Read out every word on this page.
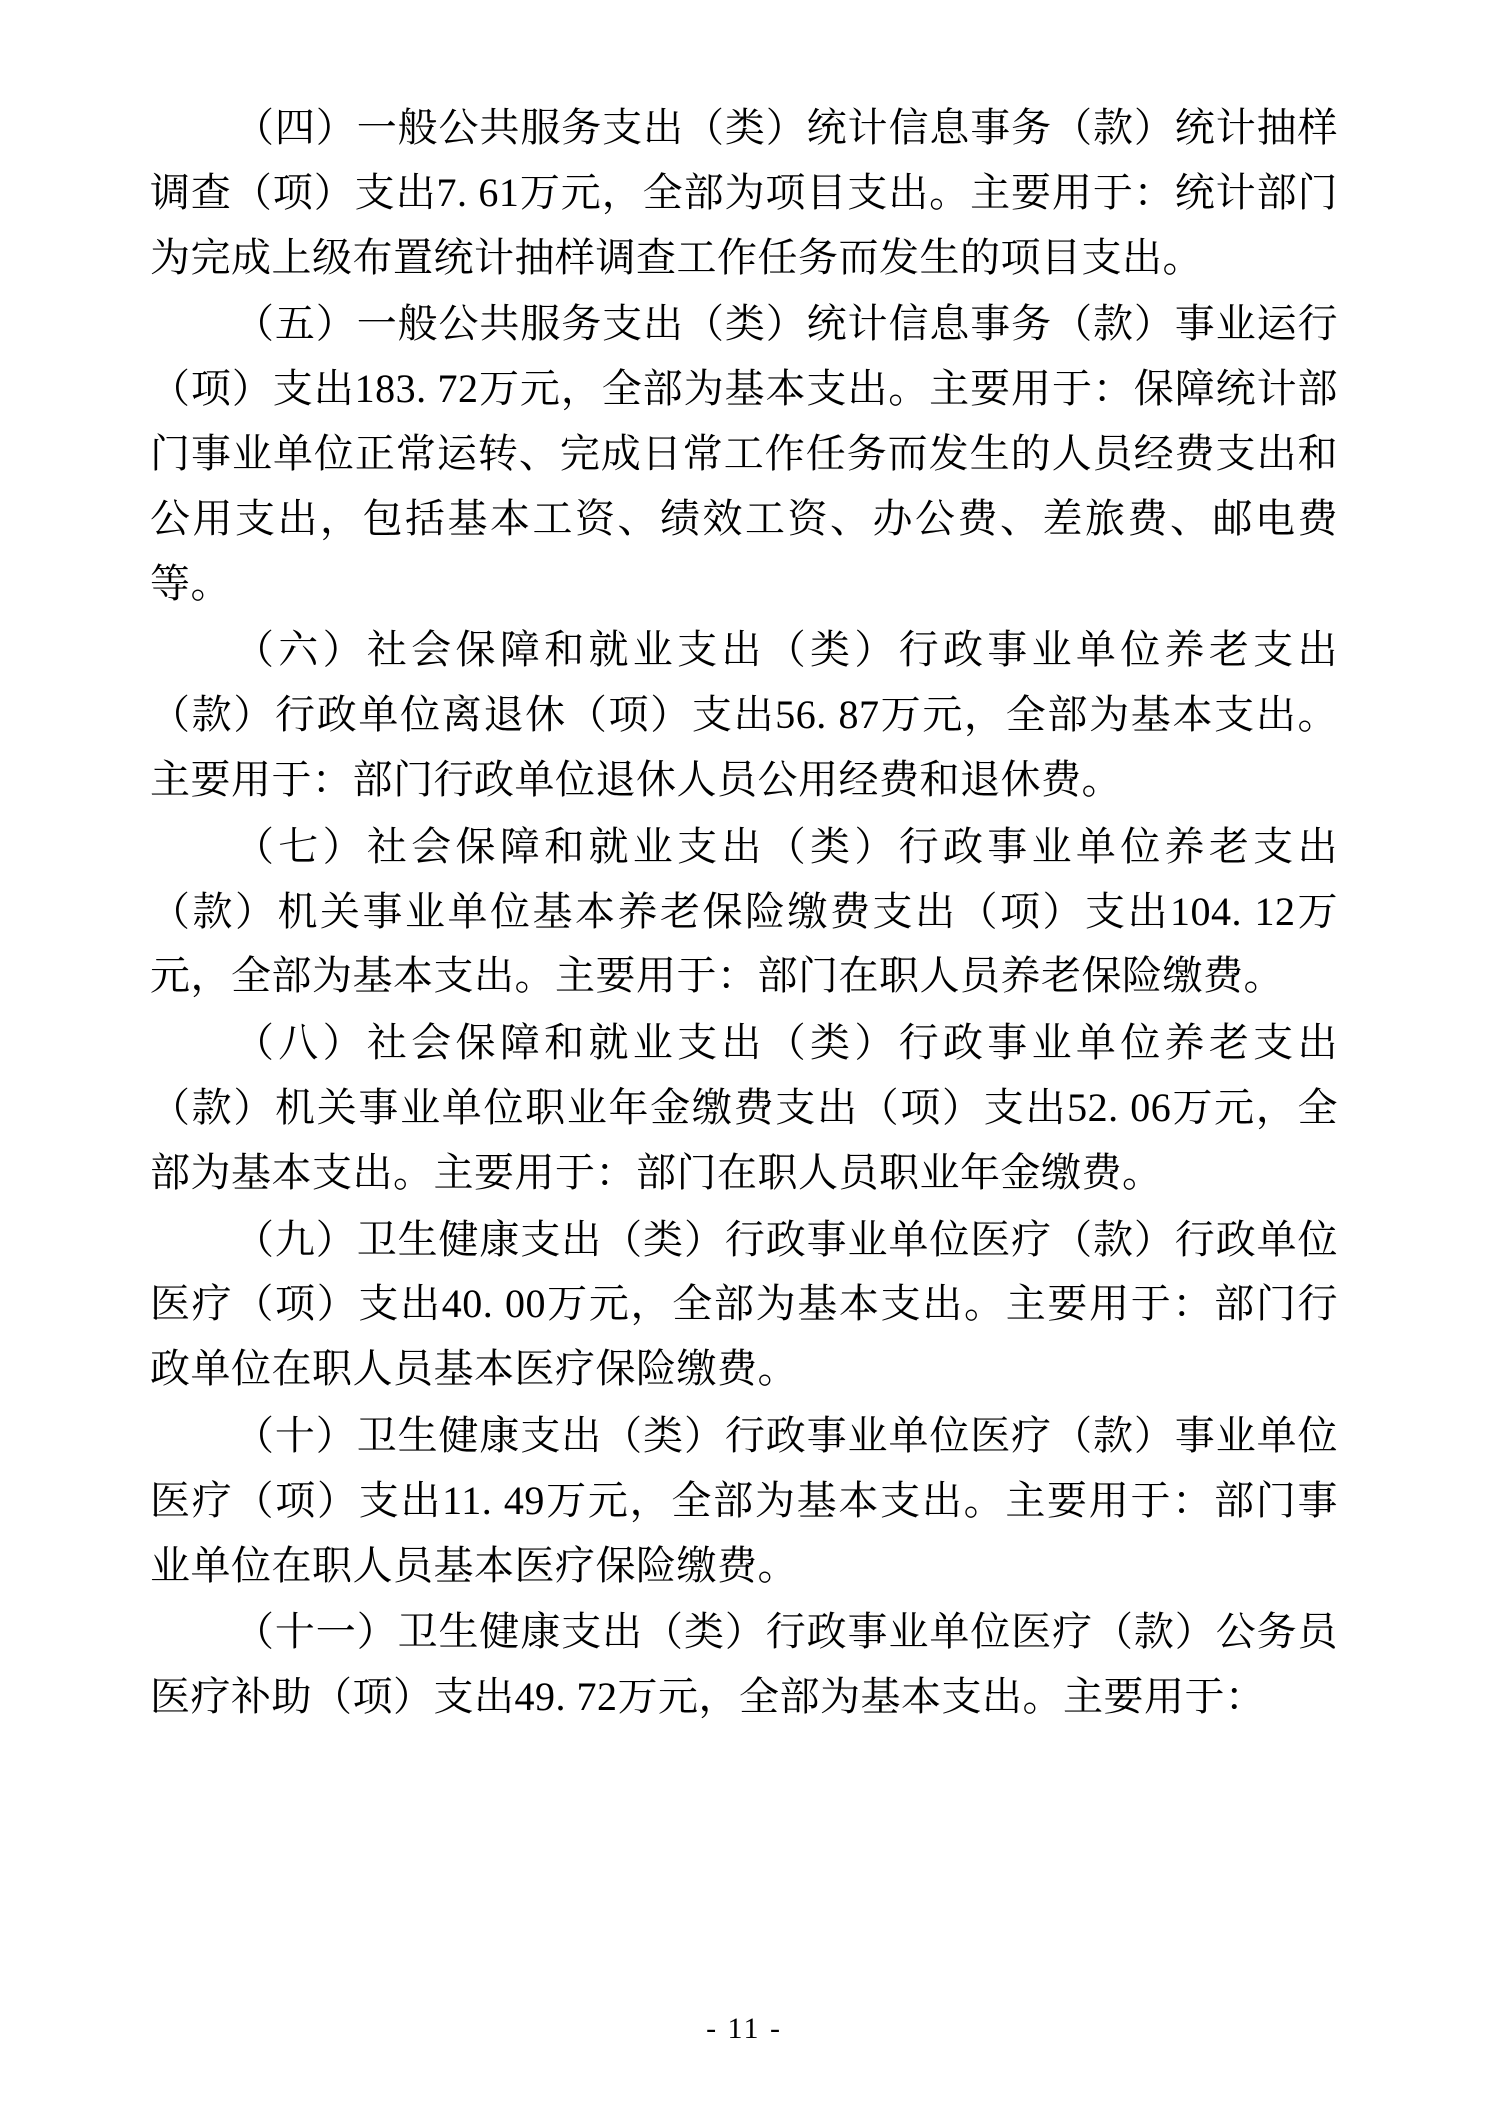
（四）一般公共服务支出（类）统计信息事务（款）统计抽样调查（项）支出7. 61万元，全部为项目支出。主要用于：统计部门为完成上级布置统计抽样调查工作任务而发生的项目支出。

（五）一般公共服务支出（类）统计信息事务（款）事业运行（项）支出183. 72万元，全部为基本支出。主要用于：保障统计部门事业单位正常运转、完成日常工作任务而发生的人员经费支出和公用支出，包括基本工资、绩效工资、办公费、差旅费、邮电费等。

（六）社会保障和就业支出（类）行政事业单位养老支出（款）行政单位离退休（项）支出56. 87万元，全部为基本支出。主要用于：部门行政单位退休人员公用经费和退休费。

（七）社会保障和就业支出（类）行政事业单位养老支出（款）机关事业单位基本养老保险缴费支出（项）支出104. 12万元，全部为基本支出。主要用于：部门在职人员养老保险缴费。

（八）社会保障和就业支出（类）行政事业单位养老支出（款）机关事业单位职业年金缴费支出（项）支出52. 06万元，全部为基本支出。主要用于：部门在职人员职业年金缴费。

（九）卫生健康支出（类）行政事业单位医疗（款）行政单位医疗（项）支出40. 00万元，全部为基本支出。主要用于：部门行政单位在职人员基本医疗保险缴费。

（十）卫生健康支出（类）行政事业单位医疗（款）事业单位医疗（项）支出11. 49万元，全部为基本支出。主要用于：部门事业单位在职人员基本医疗保险缴费。

（十一）卫生健康支出（类）行政事业单位医疗（款）公务员医疗补助（项）支出49. 72万元，全部为基本支出。主要用于：

- 11 -
